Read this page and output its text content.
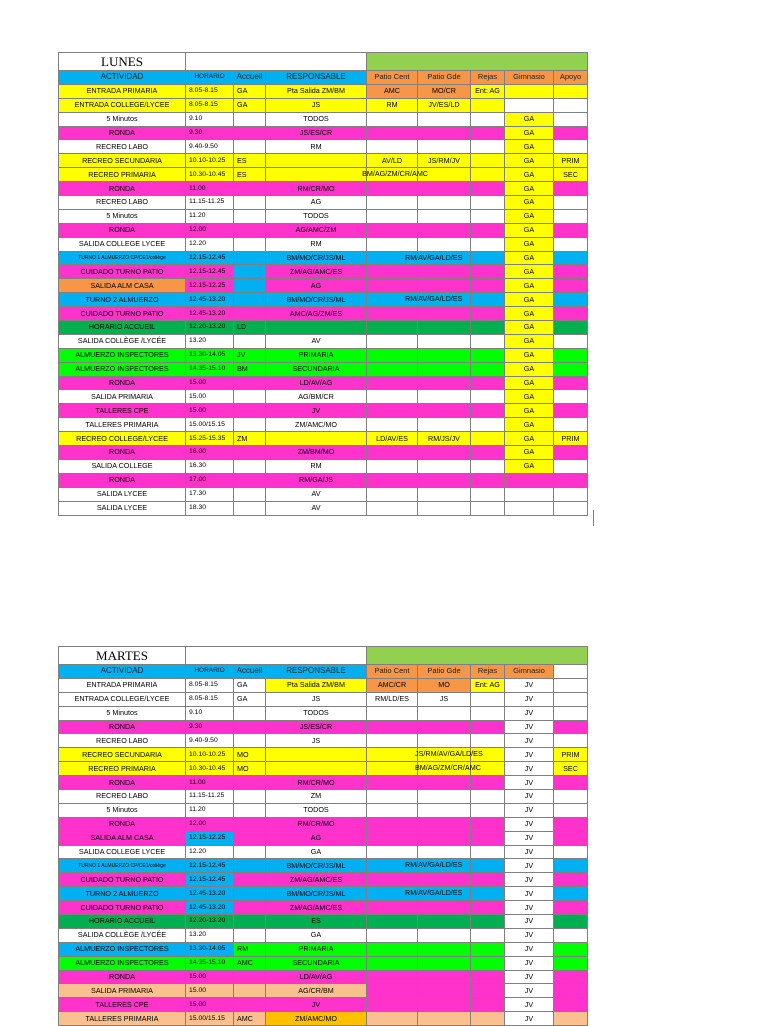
LUNES								
ACTIVIDAD	HORARIO	Accueil	RESPONSABLE	Patio Cent	Patio Gde	Rejas	Gimnasio	Apoyo
ENTRADA PRIMARIA	8.05-8.15	GA	Pta Salida ZM/BM	AMC	MO/CR	Ent: AG		
ENTRADA COLLEGE/LYCEE	8.05-8.15	GA	JS	RM	JV/ES/LD			
5 Minutos	9.10		TODOS				GA	
RONDA	9.30		JS/ES/CR				GA	
RECREO LABO	9.40-9.50		RM				GA	
RECREO SECUNDARIA	10.10-10.25	ES		AV/LD	JS/RM/JV		GA	PRIM
RECREO PRIMARIA	10.30-10.45	ES	BM/AG/ZM/CR/AMC				GA	SEC
RONDA	11.00		RM/CR/MO				GA	
RECREO LABO	11.15-11.25		AG				GA	
5 Minutos	11.20		TODOS				GA	
RONDA	12.00		AG/AMC/ZM				GA	
SALIDA COLLEGE LYCEE	12.20		RM				GA	
TURNO 1 ALMUERZO CP/CE1/collège	12.15-12.45		BM/MO/CR/JS/ML	RM/AV/GA/LD/ES			GA	
CUIDADO TURNO PATIO	12.15-12.45		ZM/AG/AMC/ES				GA	
SALIDA ALM CASA	12.15-12.25		AG				GA	
TURNO 2 ALMUERZO	12.45-13.20		BM/MO/CR/JS/ML	RM/AV/GA/LD/ES			GA	
CUIDADO TURNO PATIO	12.45-13.20		AMC/AG/ZM/ES				GA	
HORARIO ACCUEIL	12.20-13.20	LD					GA	
SALIDA COLLÈGE /LYCÉE	13.20		AV				GA	
ALMUERZO INSPECTORES	13.30-14.05	JV	PRIMARIA				GA	
ALMUERZO INSPECTORES	14.35-15.10	BM	SECUNDARIA				GA	
RONDA	15.00		LD/AV/AG				GA	
SALIDA PRIMARIA	15.00		AG/BM/CR				GA	
TALLERES CPE	15.00		JV				GA	
TALLERES PRIMARIA	15.00/15.15		ZM/AMC/MO				GA	
RECREO COLLEGE/LYCEE	15.25-15.35	ZM		LD/AV/ES	RM/JS/JV		GA	PRIM
RONDA	16.00		ZM/BM/MO				GA	
SALIDA COLLEGE	16.30		RM				GA	
RONDA	17.00		RM/GA/JS					
SALIDA LYCEE	17.30		AV					
SALIDA LYCEE	18.30		AV					
MARTES								
ACTIVIDAD	HORARIO	Accueil	RESPONSABLE	Patio Cent	Patio Gde	Rejas	Gimnasio	
ENTRADA PRIMARIA	8.05-8.15	GA	Pta Salida ZM/BM	AMC/CR	MO	Ent: AG	JV	
ENTRADA COLLEGE/LYCEE	8.05-8.15	GA	JS	RM/LD/ES	JS		JV	
5 Minutos	9.10		TODOS				JV	
RONDA	9.30		JS/ES/CR				JV	
RECREO LABO	9.40-9.50		JS				JV	
RECREO SECUNDARIA	10.10-10.25	MO		JS/RM/AV/GA/LD/ES			JV	PRIM
RECREO PRIMARIA	10.30-10.45	MO		BM/AG/ZM/CR/AMC			JV	SEC
RONDA	11.00		RM/CR/MO				JV	
RECREO LABO	11.15-11.25		ZM				JV	
5 Minutos	11.20		TODOS				JV	
RONDA	12.00		RM/CR/MO				JV	
SALIDA ALM CASA	12.15-12.25		AG				JV	
SALIDA COLLEGE LYCEE	12.20		GA				JV	
TURNO 1 ALMUERZO CP/CE1/collège	12.15-12.45		BM/MO/CR/JS/ML	RM/AV/GA/LD/ES			JV	
CUIDADO TURNO PATIO	12.15-12.45		ZM/AG/AMC/ES				JV	
TURNO 2 ALMUERZO	12.45-13.20		BM/MO/CR/JS/ML	RM/AV/GA/LD/ES			JV	
CUIDADO TURNO PATIO	12.45-13.20		ZM/AG/AMC/ES				JV	
HORARIO ACCUEIL	12.20-13.20		ES				JV	
SALIDA COLLÈGE /LYCÉE	13.20		GA				JV	
ALMUERZO INSPECTORES	13.30-14.05	RM	PRIMARIA				JV	
ALMUERZO INSPECTORES	14.35-15.10	AMC	SECUNDARIA				JV	
RONDA	15.00		LD/AV/AG				JV	
SALIDA PRIMARIA	15.00		AG/CR/BM				JV	
TALLERES CPE	15.00		JV				JV	
TALLERES PRIMARIA	15.00/15.15	AMC	ZM/AMC/MO				JV	
